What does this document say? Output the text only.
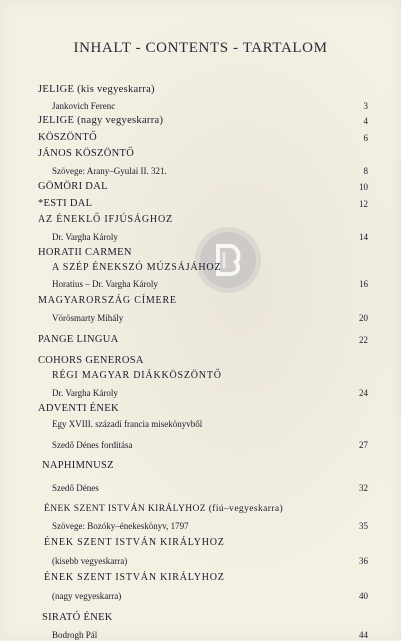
INHALT - CONTENTS - TARTALOM
JELIGE (kis vegyeskarra)
Jankovich Ferenc	3
JELIGE (nagy vegyeskarra)	4
KÖSZÖNTŐ	6
JÁNOS KÖSZÖNTŐ
Szövege: Arany–Gyulai II. 321.	8
GÖMÖRI DAL	10
*ESTI DAL	12
AZ ÉNEKLŐ IFJÚSÁGHOZ
Dr. Vargha Károly	14
HORATII CARMEN
A SZÉP ÉNEKSZÓ MÚZSÁJÁHOZ
Horatius – Dr. Vargha Károly	16
MAGYARORSZÁG CÍMERE
Vörösmarty Mihály	20
PANGE LINGUA	22
COHORS GENEROSA
RÉGI MAGYAR DIÁKKÖSZÖNTŐ
Dr. Vargha Károly	24
ADVENTI ÉNEK
Egy XVIII. századi francia misekönyvből
Szedő Dénes fordítása	27
NAPHIMNUSZ
Szedő Dénes	32
ÉNEK SZENT ISTVÁN KIRÁLYHOZ (fiú–vegyeskarra)
Szövege: Bozóky–énekeskönyv, 1797	35
ÉNEK SZENT ISTVÁN KIRÁLYHOZ
(kisebb vegyeskarra)	36
ÉNEK SZENT ISTVÁN KIRÁLYHOZ
(nagy vegyeskarra)	40
SIRATÓ ÉNEK
Bodrogh Pál	44
